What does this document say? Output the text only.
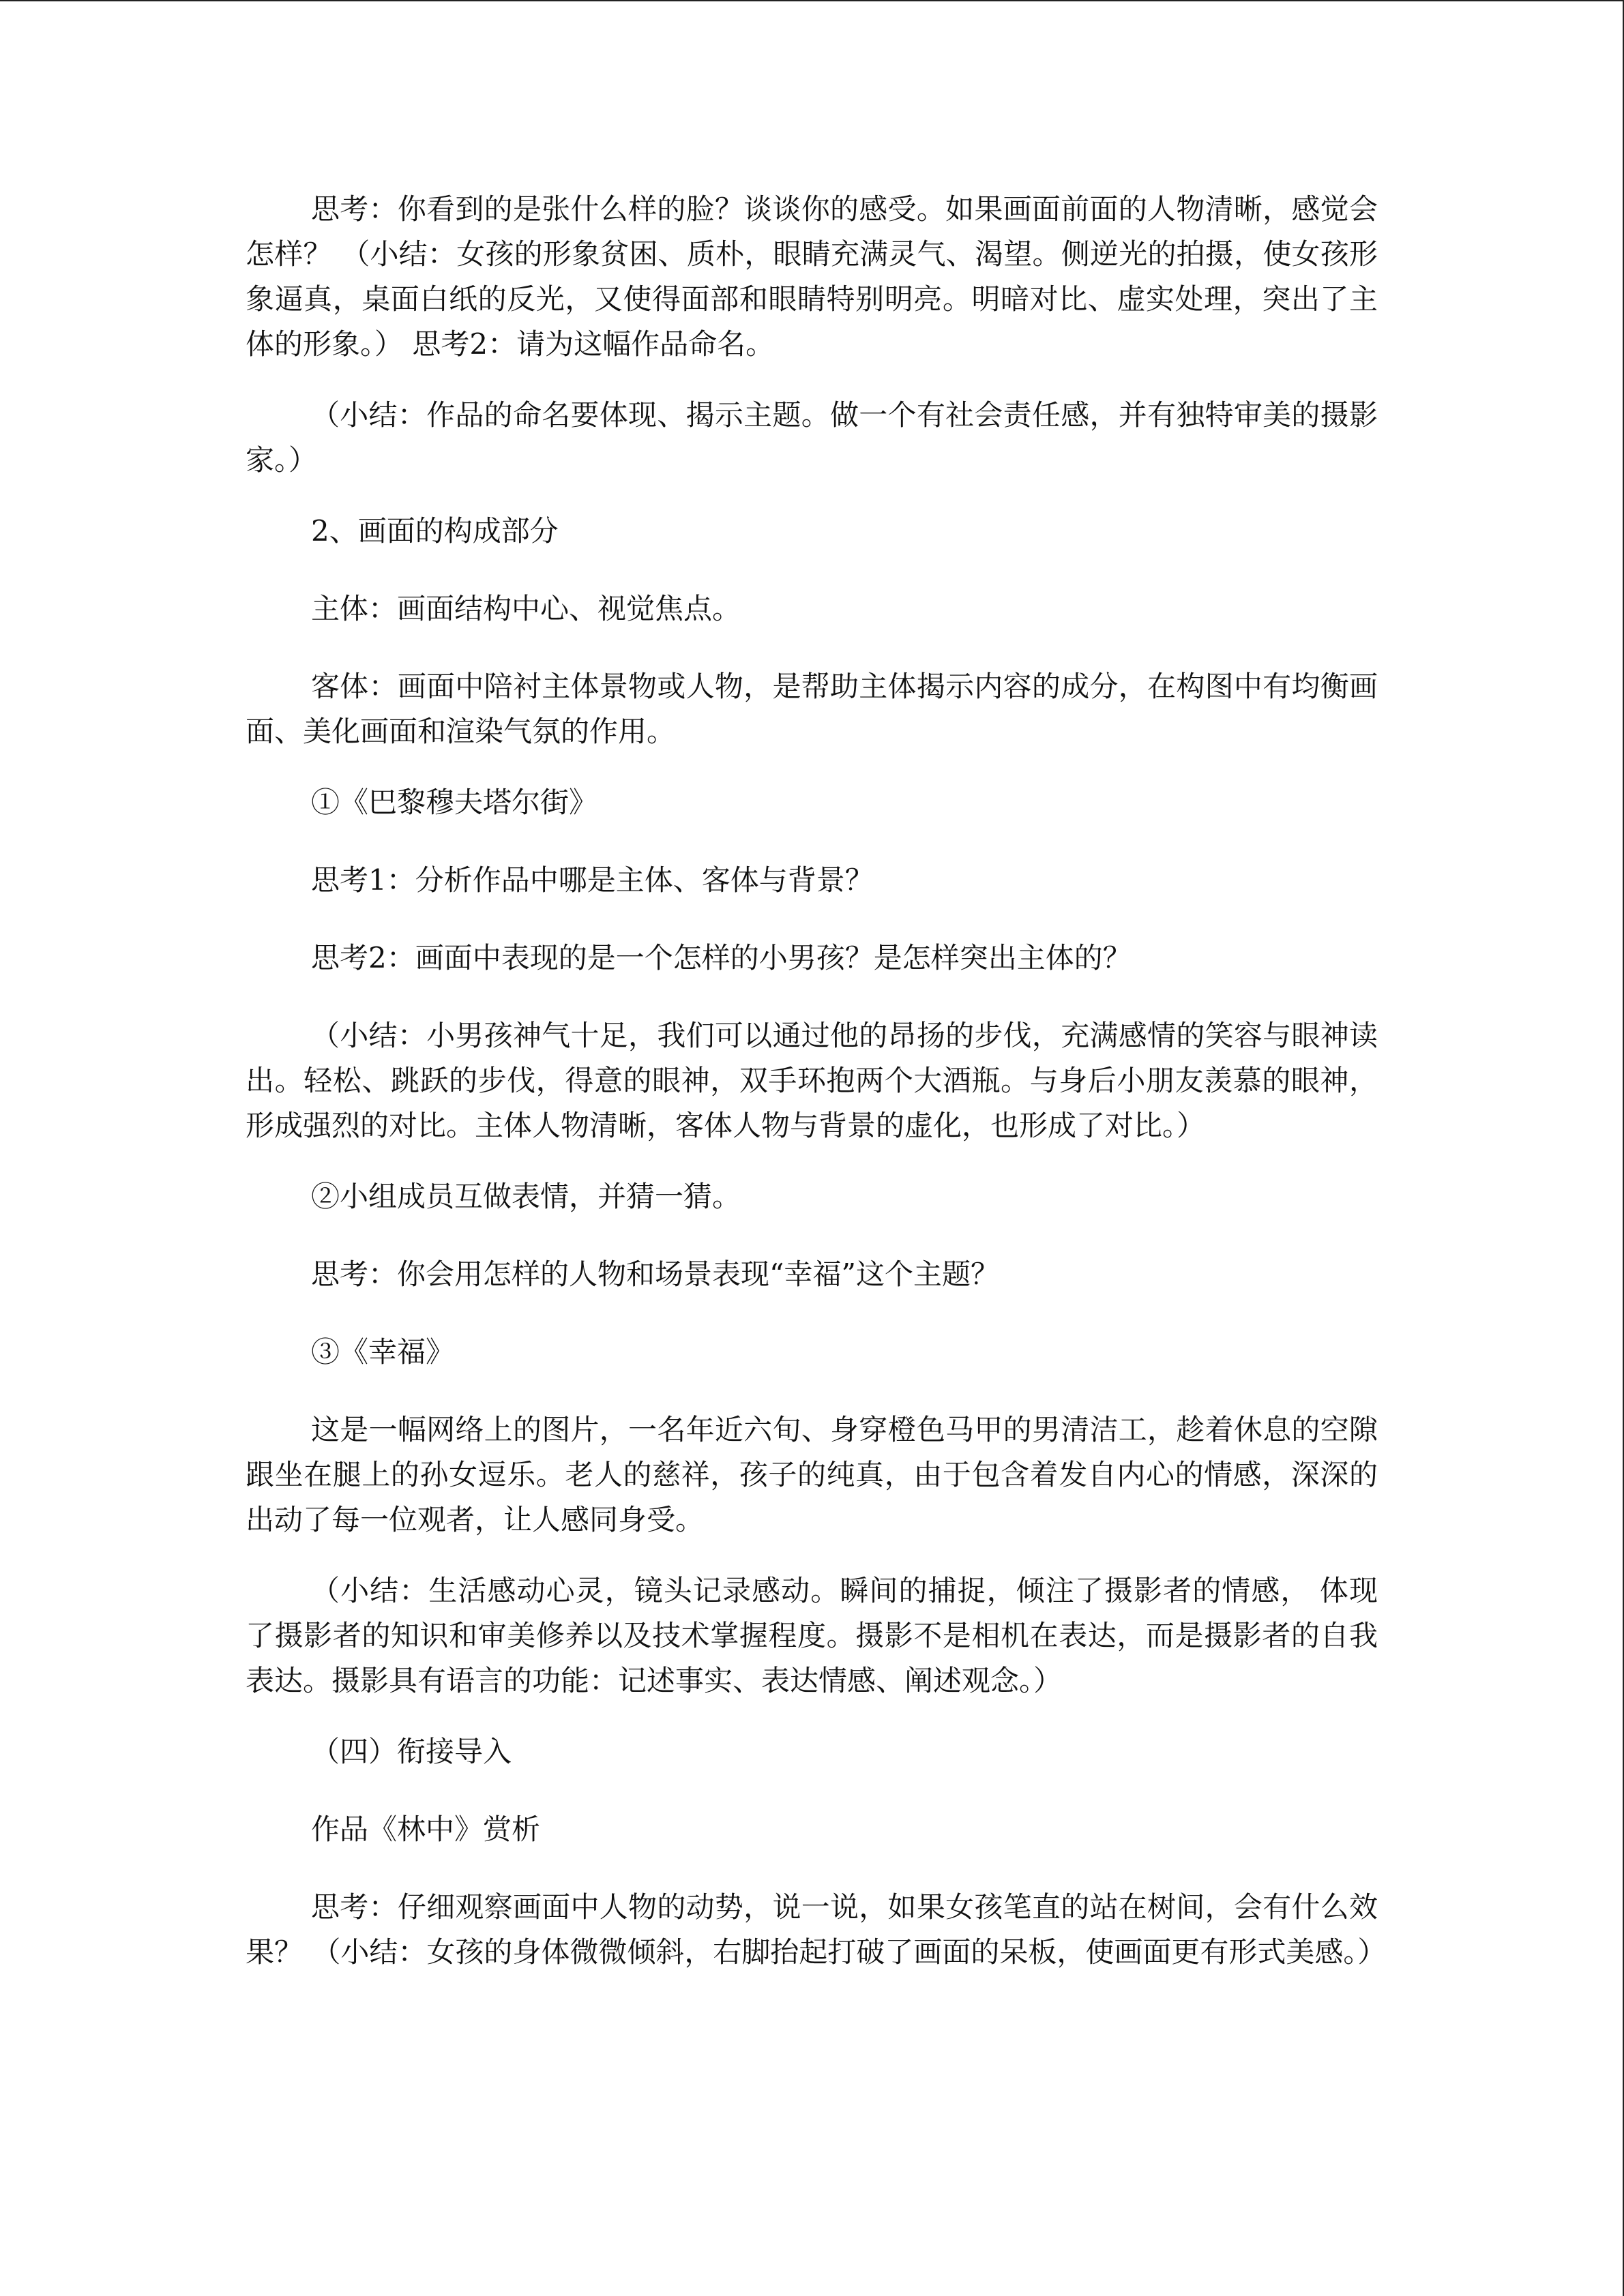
思考：你看到的是张什么样的脸？谈谈你的感受。如果画面前面的人物清晰，感觉会怎样？ （小结：女孩的形象贫困、质朴，眼睛充满灵气、渴望。侧逆光的拍摄，使女孩形象逼真，桌面白纸的反光，又使得面部和眼睛特别明亮。明暗对比、虚实处理，突出了主体的形象。） 思考2：请为这幅作品命名。

（小结：作品的命名要体现、揭示主题。做一个有社会责任感，并有独特审美的摄影家。）

2、画面的构成部分

主体：画面结构中心、视觉焦点。

客体：画面中陪衬主体景物或人物，是帮助主体揭示内容的成分，在构图中有均衡画面、美化画面和渲染气氛的作用。

①《巴黎穆夫塔尔街》

思考1：分析作品中哪是主体、客体与背景？

思考2：画面中表现的是一个怎样的小男孩？是怎样突出主体的？

（小结：小男孩神气十足，我们可以通过他的昂扬的步伐，充满感情的笑容与眼神读出。轻松、跳跃的步伐，得意的眼神，双手环抱两个大酒瓶。与身后小朋友羡慕的眼神，形成强烈的对比。主体人物清晰，客体人物与背景的虚化，也形成了对比。）

②小组成员互做表情，并猜一猜。

思考：你会用怎样的人物和场景表现“幸福”这个主题？

③《幸福》

这是一幅网络上的图片，一名年近六旬、身穿橙色马甲的男清洁工，趁着休息的空隙跟坐在腿上的孙女逗乐。老人的慈祥，孩子的纯真，由于包含着发自内心的情感，深深的出动了每一位观者，让人感同身受。

（小结：生活感动心灵，镜头记录感动。瞬间的捕捉，倾注了摄影者的情感， 体现了摄影者的知识和审美修养以及技术掌握程度。摄影不是相机在表达，而是摄影者的自我表达。摄影具有语言的功能：记述事实、表达情感、阐述观念。）

（四）衔接导入

作品《林中》赏析

思考：仔细观察画面中人物的动势，说一说，如果女孩笔直的站在树间，会有什么效果？ （小结：女孩的身体微微倾斜，右脚抬起打破了画面的呆板，使画面更有形式美感。）
